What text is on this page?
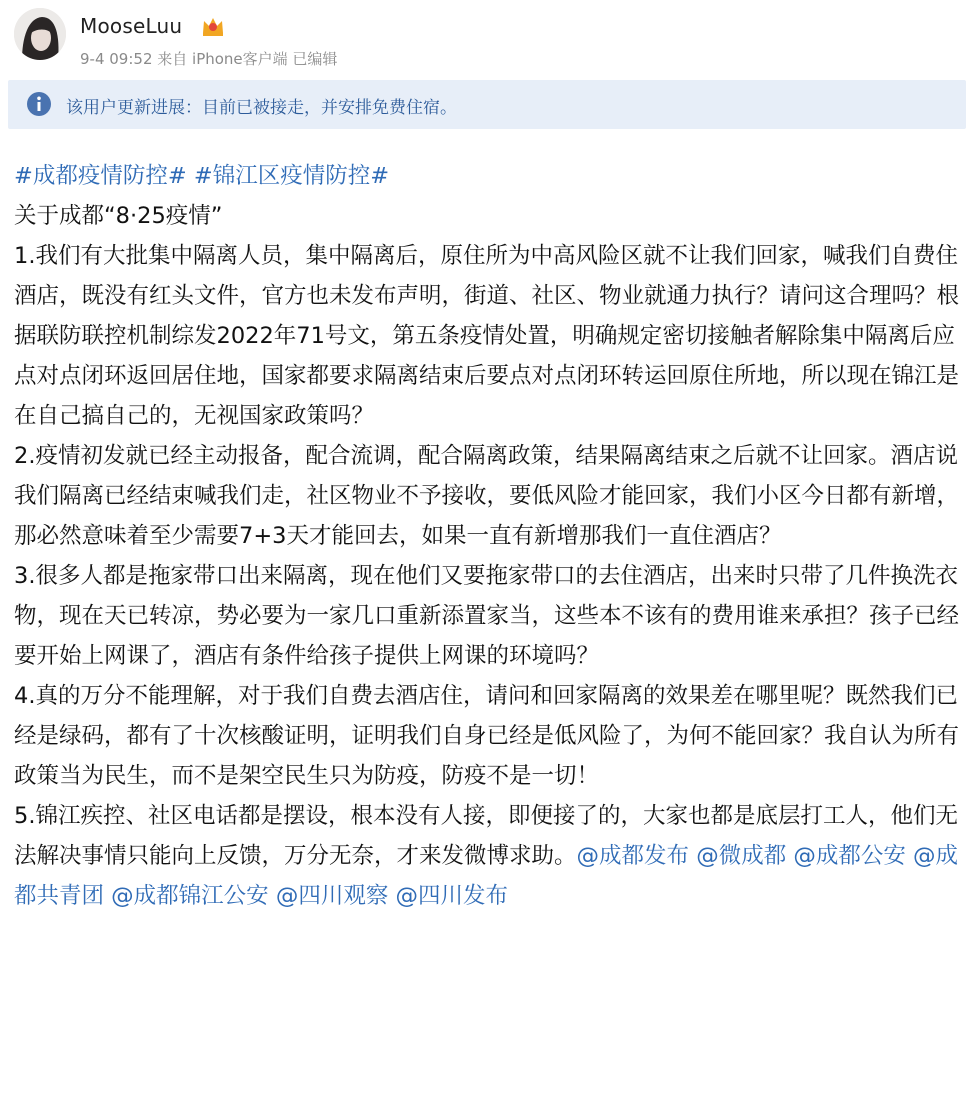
MooseLuu
9-4 09:52 来自 iPhone客户端 已编辑
该用户更新进展：目前已被接走，并安排免费住宿。

#成都疫情防控# #锦江区疫情防控#

关于成都“8·25疫情”

1.我们有大批集中隔离人员，集中隔离后，原住所为中高风险区就不让我们回家，喊我们自费住酒店，既没有红头文件，官方也未发布声明，街道、社区、物业就通力执行？请问这合理吗？根据联防联控机制综发2022年71号文，第五条疫情处置，明确规定密切接触者解除集中隔离后应点对点闭环返回居住地，国家都要求隔离结束后要点对点闭环转运回原住所地，所以现在锦江是在自己搞自己的，无视国家政策吗？

2.疫情初发就已经主动报备，配合流调，配合隔离政策，结果隔离结束之后就不让回家。酒店说我们隔离已经结束喊我们走，社区物业不予接收，要低风险才能回家，我们小区今日都有新增，那必然意味着至少需要7+3天才能回去，如果一直有新增那我们一直住酒店？

3.很多人都是拖家带口出来隔离，现在他们又要拖家带口的去住酒店，出来时只带了几件换洗衣物，现在天已转凉，势必要为一家几口重新添置家当，这些本不该有的费用谁来承担？孩子已经要开始上网课了，酒店有条件给孩子提供上网课的环境吗？

4.真的万分不能理解，对于我们自费去酒店住，请问和回家隔离的效果差在哪里呢？既然我们已经是绿码，都有了十次核酸证明，证明我们自身已经是低风险了，为何不能回家？我自认为所有政策当为民生，而不是架空民生只为防疫，防疫不是一切！

5.锦江疾控、社区电话都是摆设，根本没有人接，即便接了的，大家也都是底层打工人，他们无法解决事情只能向上反馈，万分无奈，才来发微博求助。@成都发布 @微成都 @成都公安 @成都共青团 @成都锦江公安 @四川观察 @四川发布
